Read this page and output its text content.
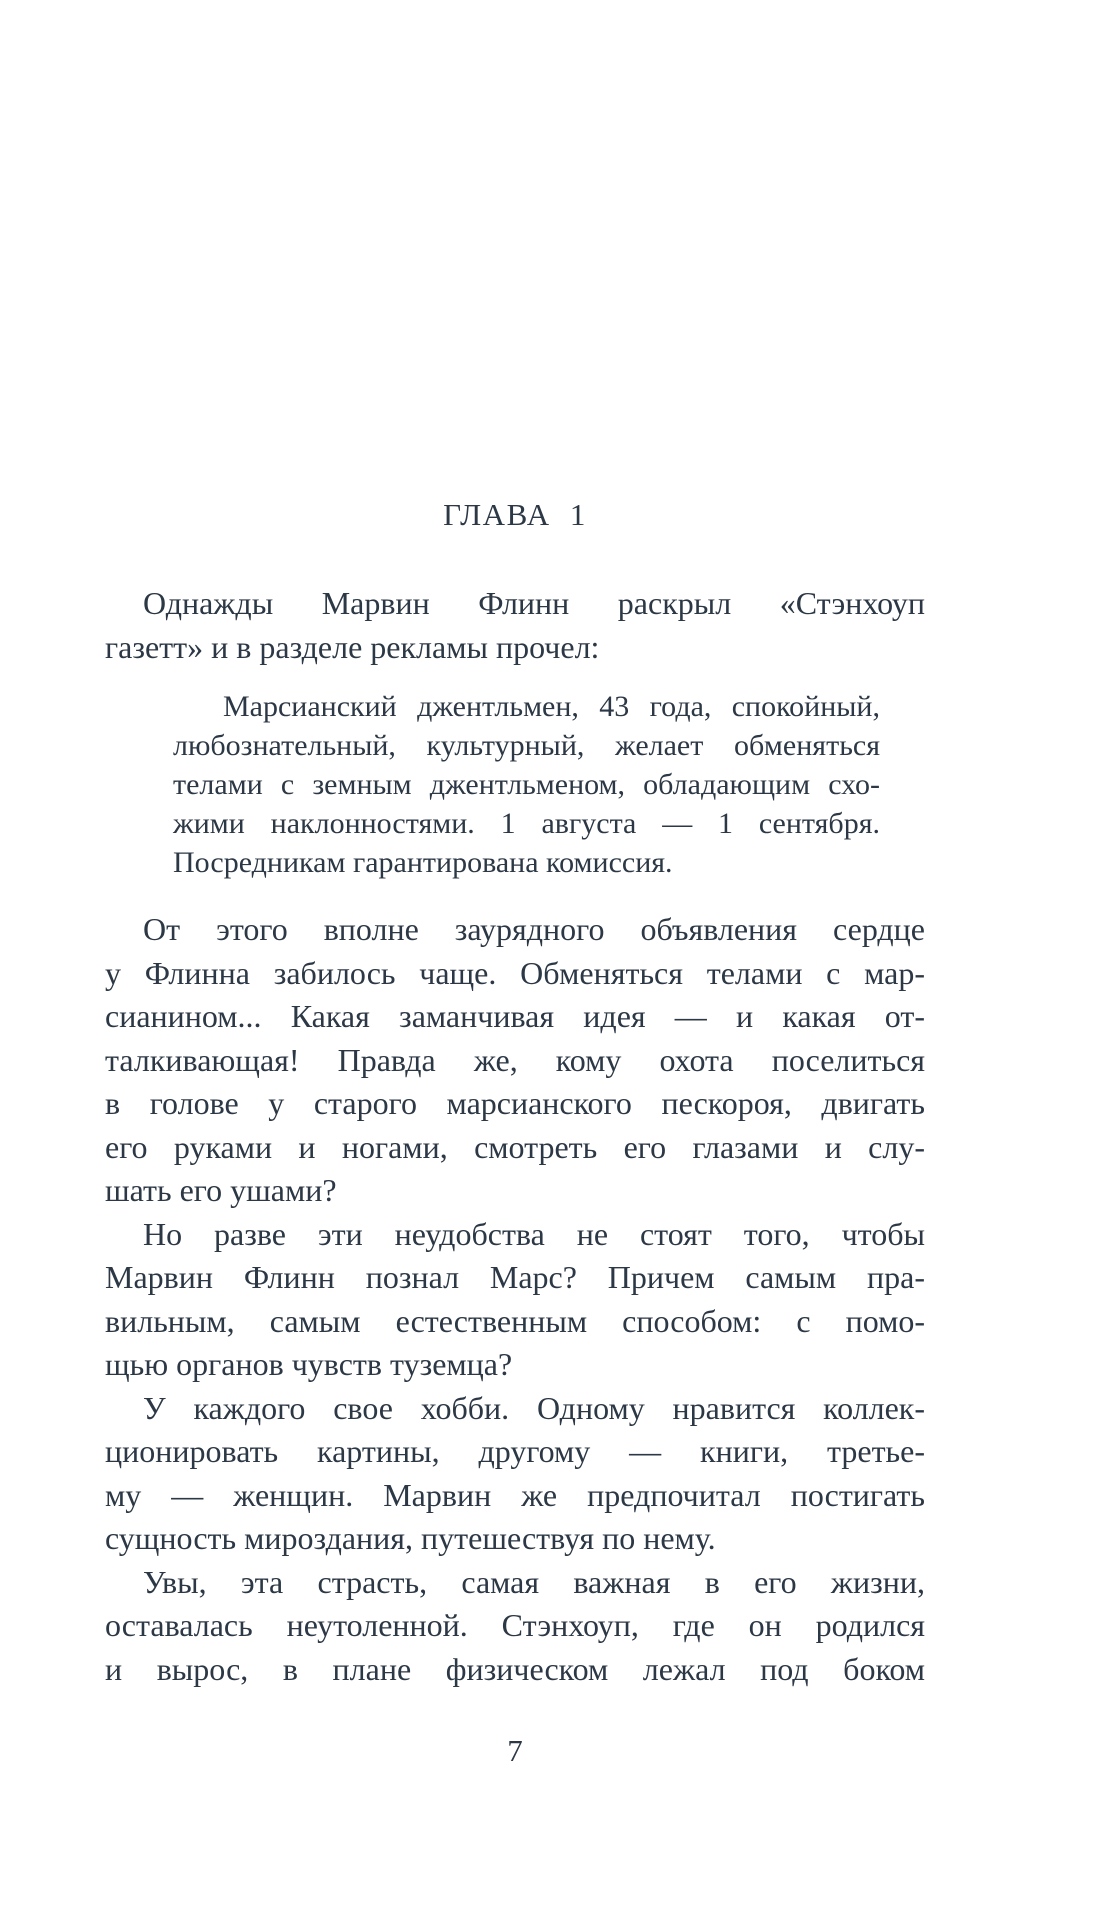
ГЛАВА 1
Однажды Марвин Флинн раскрыл «Стэнхоуп
газетт» и в разделе рекламы прочел:
Марсианский джентльмен, 43 года, спокойный,
любознательный, культурный, желает обменяться
телами с земным джентльменом, обладающим схо-
жими наклонностями. 1 августа — 1 сентября.
Посредникам гарантирована комиссия.
От этого вполне заурядного объявления сердце
у Флинна забилось чаще. Обменяться телами с мар-
сианином... Какая заманчивая идея — и какая от-
талкивающая! Правда же, кому охота поселиться
в голове у старого марсианского пескороя, двигать
его руками и ногами, смотреть его глазами и слу-
шать его ушами?
Но разве эти неудобства не стоят того, чтобы
Марвин Флинн познал Марс? Причем самым пра-
вильным, самым естественным способом: с помо-
щью органов чувств туземца?
У каждого свое хобби. Одному нравится коллек-
ционировать картины, другому — книги, третье-
му — женщин. Марвин же предпочитал постигать
сущность мироздания, путешествуя по нему.
Увы, эта страсть, самая важная в его жизни,
оставалась неутоленной. Стэнхоуп, где он родился
и вырос, в плане физическом лежал под боком
7
